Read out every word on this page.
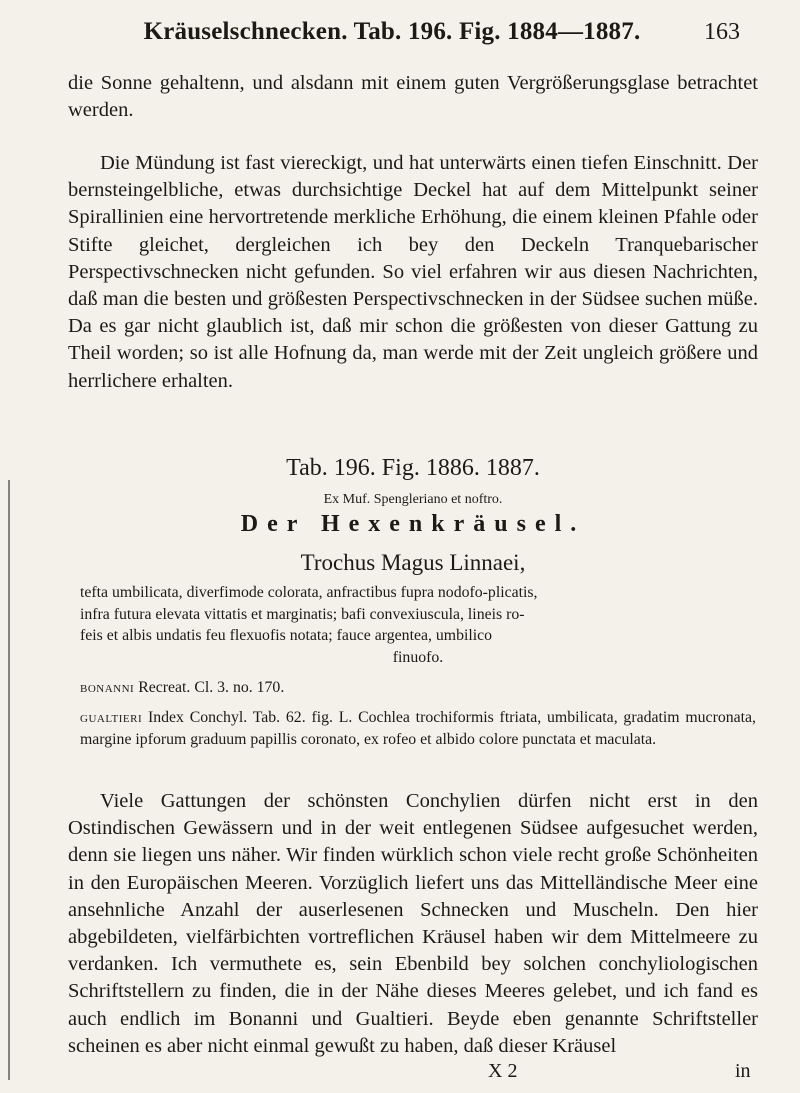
Kräuselschnecken. Tab. 196. Fig. 1884—1887.	163

die Sonne gehaltenn, und alsdann mit einem guten Vergrößerungsglase betrachtet werden.

Die Mündung ist fast viereckigt, und hat unterwärts einen tiefen Einschnitt. Der bernsteingelbliche, etwas durchsichtige Deckel hat auf dem Mittelpunkt seiner Spirallinien eine hervortretende merkliche Erhöhung, die einem kleinen Pfahle oder Stifte gleichet, dergleichen ich bey den Deckeln Tranquebarischer Perspectivschnecken nicht gefunden. So viel erfahren wir aus diesen Nachrichten, daß man die besten und größesten Perspectivschnecken in der Südsee suchen müße. Da es gar nicht glaublich ist, daß mir schon die größesten von dieser Gattung zu Theil worden; so ist alle Hofnung da, man werde mit der Zeit ungleich größere und herrlichere erhalten.

Tab. 196. Fig. 1886. 1887.
Ex Muf. Spengleriano et noftro.
Der Hexenkräusel.
Trochus Magus Linnaei,

tefta umbilicata, diverfimode colorata, anfractibus fupra nodofo-plicatis,

infra futura elevata vittatis et marginatis; bafi convexiuscula, lineis ro-

feis et albis undatis feu flexuofis notata; fauce argentea, umbilico

finuofo.

bonanni Recreat. Cl. 3. no. 170.

gualtieri Index Conchyl. Tab. 62. fig. L. Cochlea trochiformis ftriata, umbilicata, gradatim mucronata, margine ipforum graduum papillis coronato, ex rofeo et albido colore punctata et maculata.

Viele Gattungen der schönsten Conchylien dürfen nicht erst in den Ostindischen Gewässern und in der weit entlegenen Südsee aufgesuchet werden, denn sie liegen uns näher. Wir finden würklich schon viele recht große Schönheiten in den Europäischen Meeren. Vorzüglich liefert uns das Mittelländische Meer eine ansehnliche Anzahl der auserlesenen Schnecken und Muscheln. Den hier abgebildeten, vielfärbichten vortreflichen Kräusel haben wir dem Mittelmeere zu verdanken. Ich vermuthete es, sein Ebenbild bey solchen conchyliologischen Schriftstellern zu finden, die in der Nähe dieses Meeres gelebet, und ich fand es auch endlich im Bonanni und Gualtieri. Beyde eben genannte Schriftsteller scheinen es aber nicht einmal gewußt zu haben, daß dieser Kräusel

X 2	in
